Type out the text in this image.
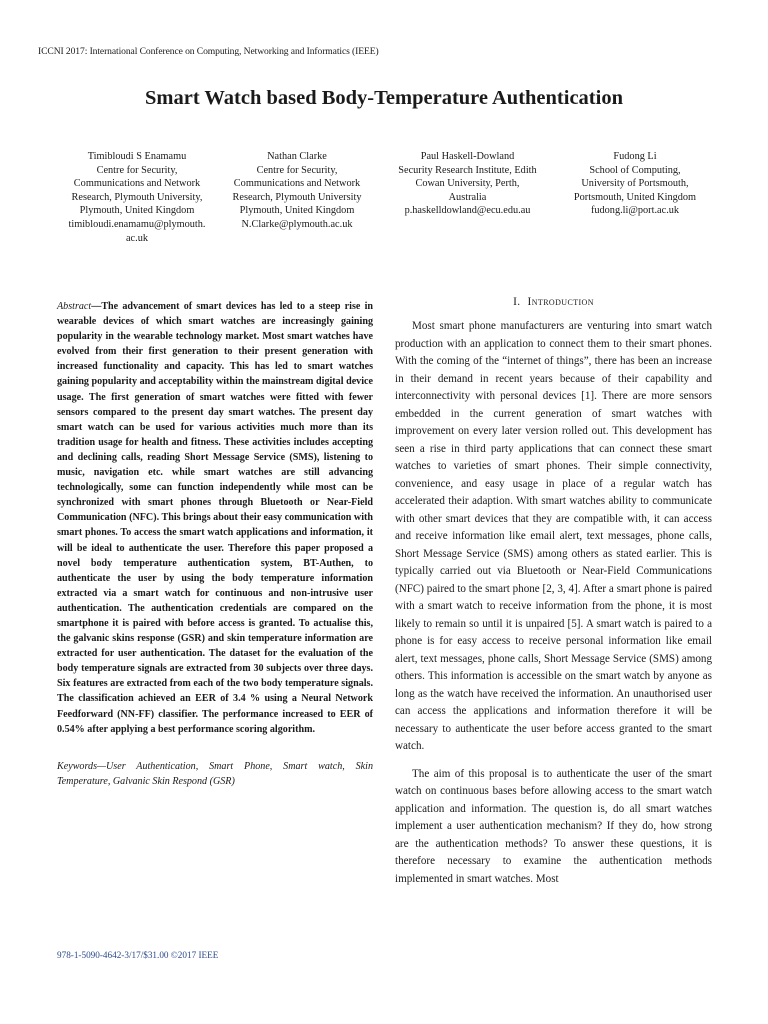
ICCNI 2017: International Conference on Computing, Networking and Informatics (IEEE)
Smart Watch based Body-Temperature Authentication
Timibloudi S Enamamu
Centre for Security,
Communications and Network
Research, Plymouth University,
Plymouth, United Kingdom
timibloudi.enamamu@plymouth.
ac.uk
Nathan Clarke
Centre for Security,
Communications and Network
Research, Plymouth University
Plymouth, United Kingdom
N.Clarke@plymouth.ac.uk
Paul Haskell-Dowland
Security Research Institute, Edith
Cowan University, Perth,
Australia
p.haskelldowland@ecu.edu.au
Fudong Li
School of Computing,
University of Portsmouth,
Portsmouth, United Kingdom
fudong.li@port.ac.uk

Abstract—The advancement of smart devices has led to a steep rise in wearable devices of which smart watches are increasingly gaining popularity in the wearable technology market. Most smart watches have evolved from their first generation to their present generation with increased functionality and capacity. This has led to smart watches gaining popularity and acceptability within the mainstream digital device usage. The first generation of smart watches were fitted with fewer sensors compared to the present day smart watches. The present day smart watch can be used for various activities much more than its tradition usage for health and fitness. These activities includes accepting and declining calls, reading Short Message Service (SMS), listening to music, navigation etc. while smart watches are still advancing technologically, some can function independently while most can be synchronized with smart phones through Bluetooth or Near-Field Communication (NFC). This brings about their easy communication with smart phones. To access the smart watch applications and information, it will be ideal to authenticate the user. Therefore this paper proposed a novel body temperature authentication system, BT-Authen, to authenticate the user by using the body temperature information extracted via a smart watch for continuous and non-intrusive user authentication. The authentication credentials are compared on the smartphone it is paired with before access is granted. To actualise this, the galvanic skins response (GSR) and skin temperature information are extracted for user authentication. The dataset for the evaluation of the body temperature signals are extracted from 30 subjects over three days. Six features are extracted from each of the two body temperature signals. The classification achieved an EER of 3.4 % using a Neural Network Feedforward (NN-FF) classifier. The performance increased to EER of 0.54% after applying a best performance scoring algorithm.

Keywords—User Authentication, Smart Phone, Smart watch, Skin Temperature, Galvanic Skin Respond (GSR)

I. Introduction

Most smart phone manufacturers are venturing into smart watch production with an application to connect them to their smart phones. With the coming of the “internet of things”, there has been an increase in their demand in recent years because of their capability and interconnectivity with personal devices [1]. There are more sensors embedded in the current generation of smart watches with improvement on every later version rolled out. This development has seen a rise in third party applications that can connect these smart watches to varieties of smart phones. Their simple connectivity, convenience, and easy usage in place of a regular watch has accelerated their adaption. With smart watches ability to communicate with other smart devices that they are compatible with, it can access and receive information like email alert, text messages, phone calls, Short Message Service (SMS) among others as stated earlier. This is typically carried out via Bluetooth or Near-Field Communications (NFC) paired to the smart phone [2, 3, 4]. After a smart phone is paired with a smart watch to receive information from the phone, it is most likely to remain so until it is unpaired [5]. A smart watch is paired to a phone is for easy access to receive personal information like email alert, text messages, phone calls, Short Message Service (SMS) among others. This information is accessible on the smart watch by anyone as long as the watch have received the information. An unauthorised user can access the applications and information therefore it will be necessary to authenticate the user before access granted to the smart watch.

The aim of this proposal is to authenticate the user of the smart watch on continuous bases before allowing access to the smart watch application and information. The question is, do all smart watches implement a user authentication mechanism? If they do, how strong are the authentication methods? To answer these questions, it is therefore necessary to examine the authentication methods implemented in smart watches. Most

978-1-5090-4642-3/17/$31.00 ©2017 IEEE
